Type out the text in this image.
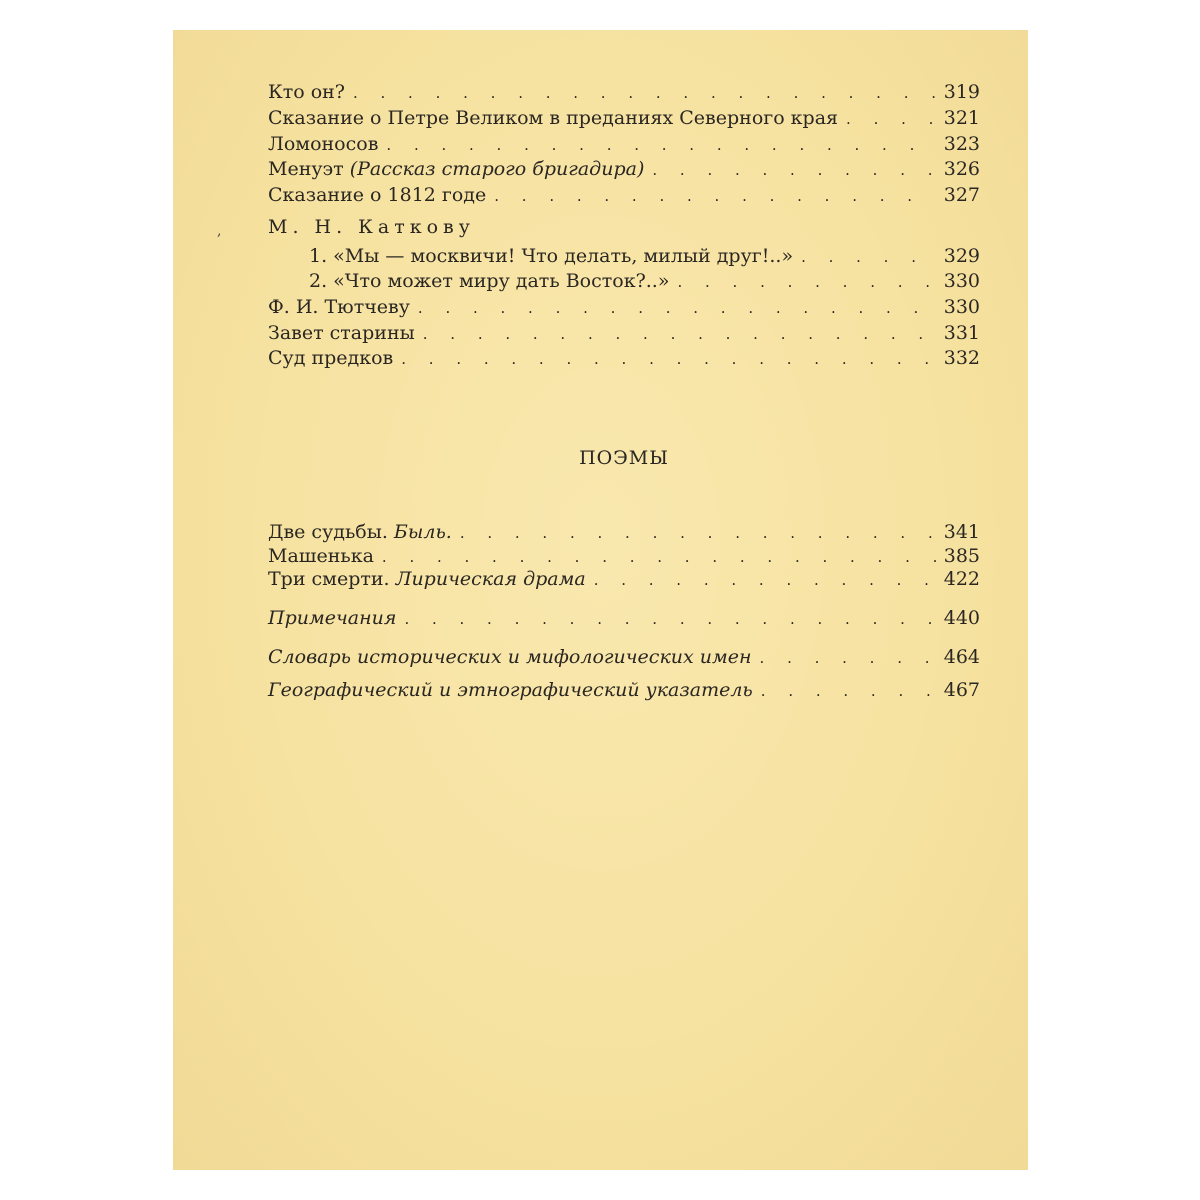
,
Кто он? . . .	319
Сказание о Петре Великом в преданиях Северного края . . .	321
Ломоносов . . .	323
Менуэт (Рассказ старого бригадира) . . .	326
Сказание о 1812 годе . . .	327
М. Н. Каткову
1. «Мы — москвичи! Что делать, милый друг!..» . . .	329
2. «Что может миру дать Восток?..» . . .	330
Ф. И. Тютчеву . . .	330
Завет старины . . .	331
Суд предков . . .	332
ПОЭМЫ
Две судьбы. Быль. . . .	341
Машенька . . .	385
Три смерти. Лирическая драма . . .	422
Примечания . . .	440
Словарь исторических и мифологических имен . . .	464
Географический и этнографический указатель . . .	467
